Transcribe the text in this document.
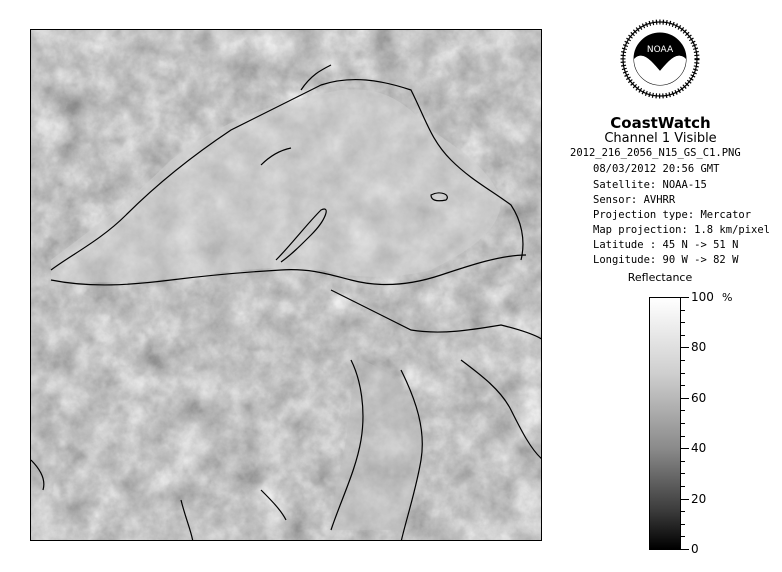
NOAA
CoastWatch
Channel 1 Visible
2012_216_2056_N15_GS_C1.PNG
08/03/2012 20:56 GMT
Satellite: NOAA-15
Sensor: AVHRR
Projection type: Mercator
Map projection: 1.8 km/pixel
Latitude : 45 N -> 51 N
Longitude: 90 W -> 82 W
Reflectance
%
100
80
60
40
20
0
